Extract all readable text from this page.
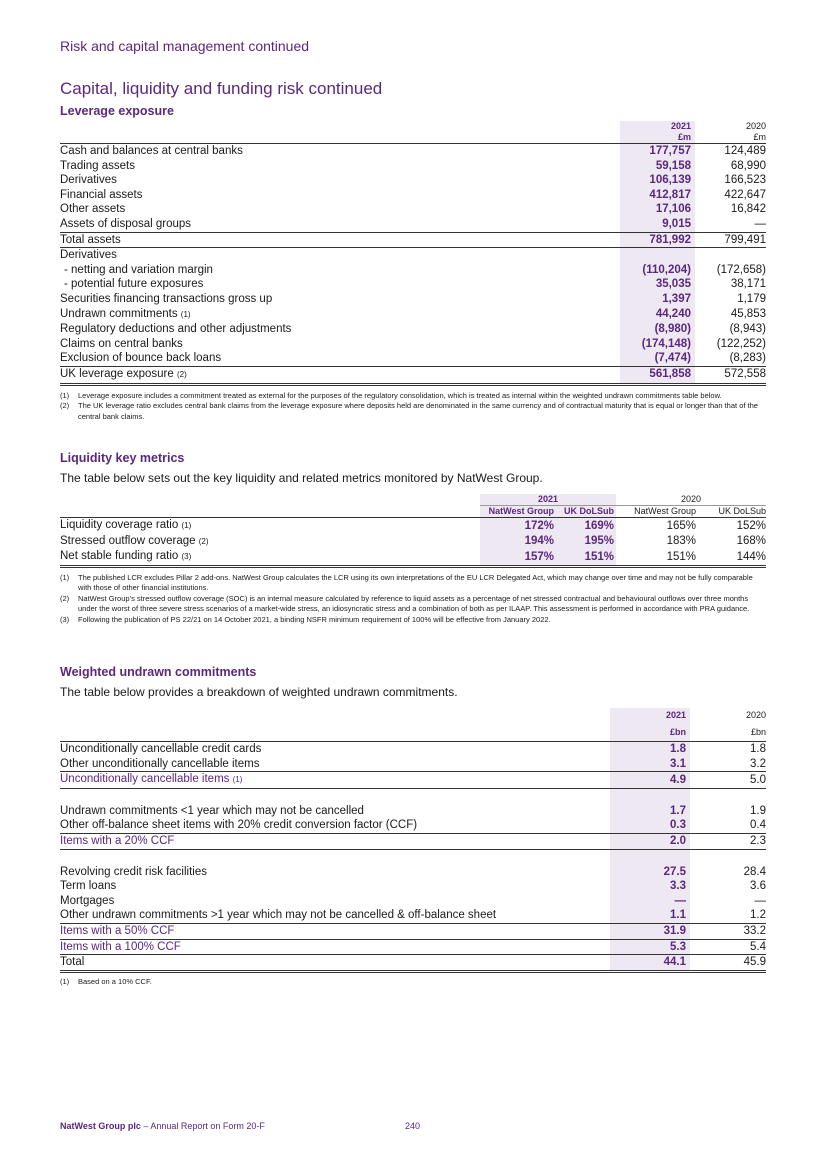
Risk and capital management continued
Capital, liquidity and funding risk continued
Leverage exposure
	2021	2020
	£m	£m
Cash and balances at central banks	177,757	124,489
Trading assets	59,158	68,990
Derivatives	106,139	166,523
Financial assets	412,817	422,647
Other assets	17,106	16,842
Assets of disposal groups	9,015	—
Total assets	781,992	799,491
Derivatives		
- netting and variation margin	(110,204)	(172,658)
- potential future exposures	35,035	38,171
Securities financing transactions gross up	1,397	1,179
Undrawn commitments (1)	44,240	45,853
Regulatory deductions and other adjustments	(8,980)	(8,943)
Claims on central banks	(174,148)	(122,252)
Exclusion of bounce back loans	(7,474)	(8,283)
UK leverage exposure (2)	561,858	572,558
(1)	Leverage exposure includes a commitment treated as external for the purposes of the regulatory consolidation, which is treated as internal within the weighted undrawn commitments table below.
(2)	The UK leverage ratio excludes central bank claims from the leverage exposure where deposits held are denominated in the same currency and of contractual maturity that is equal or longer than that of the central bank claims.
Liquidity key metrics
The table below sets out the key liquidity and related metrics monitored by NatWest Group.
	2021		2020	
	NatWest Group	UK DoLSub	NatWest Group	UK DoLSub
Liquidity coverage ratio (1)	172%	169%	165%	152%
Stressed outflow coverage (2)	194%	195%	183%	168%
Net stable funding ratio (3)	157%	151%	151%	144%
(1)	The published LCR excludes Pillar 2 add-ons. NatWest Group calculates the LCR using its own interpretations of the EU LCR Delegated Act, which may change over time and may not be fully comparable with those of other financial institutions.
(2)	NatWest Group’s stressed outflow coverage (SOC) is an internal measure calculated by reference to liquid assets as a percentage of net stressed contractual and behavioural outflows over three months under the worst of three severe stress scenarios of a market-wide stress, an idiosyncratic stress and a combination of both as per ILAAP. This assessment is performed in accordance with PRA guidance.
(3)	Following the publication of PS 22/21 on 14 October 2021, a binding NSFR minimum requirement of 100% will be effective from January 2022.
Weighted undrawn commitments
The table below provides a breakdown of weighted undrawn commitments.
	2021	2020
	£bn	£bn
Unconditionally cancellable credit cards	1.8	1.8
Other unconditionally cancellable items	3.1	3.2
Unconditionally cancellable items (1)	4.9	5.0

Undrawn commitments <1 year which may not be cancelled	1.7	1.9
Other off-balance sheet items with 20% credit conversion factor (CCF)	0.3	0.4
Items with a 20% CCF	2.0	2.3

Revolving credit risk facilities	27.5	28.4
Term loans	3.3	3.6
Mortgages	—	—
Other undrawn commitments >1 year which may not be cancelled & off-balance sheet	1.1	1.2
Items with a 50% CCF	31.9	33.2
Items with a 100% CCF	5.3	5.4
Total	44.1	45.9
(1)	Based on a 10% CCF.
NatWest Group plc – Annual Report on Form 20-F	240
